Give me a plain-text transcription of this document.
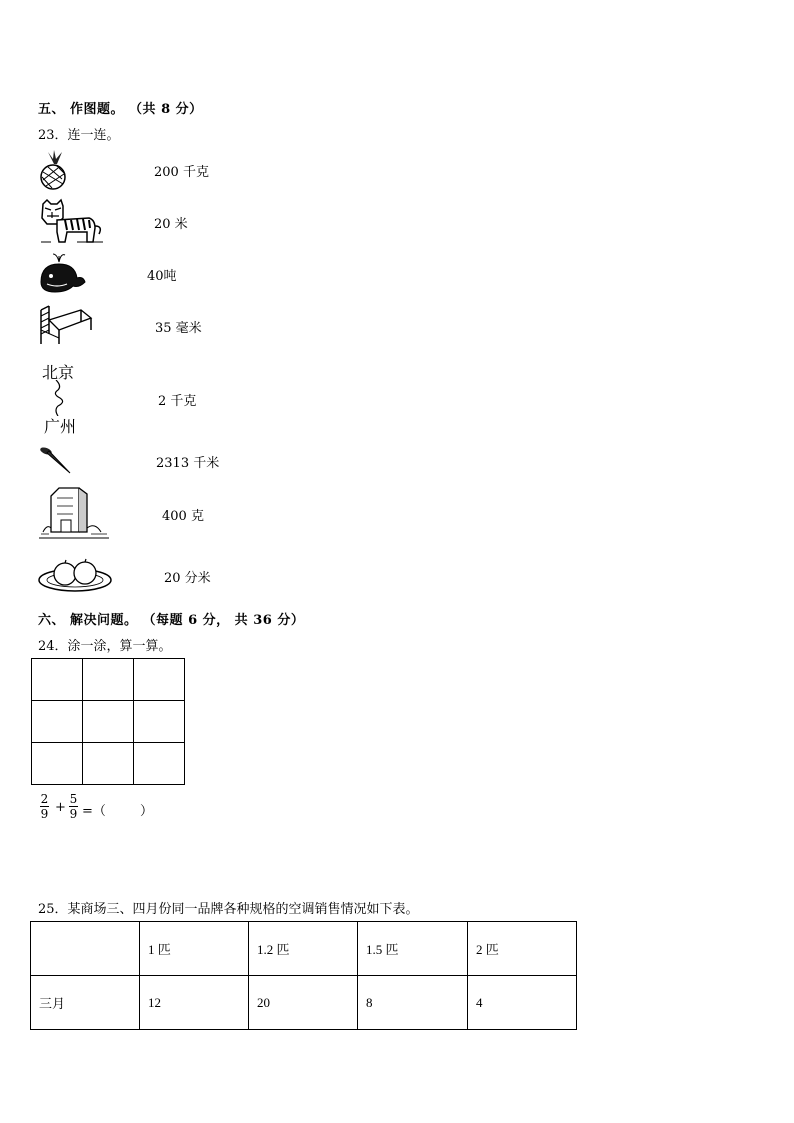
五、 作图题。 （共 8 分）
23．连一连。
200 千克
20 米
40吨
35 毫米
北京
广州
2 千克
2313 千米
400 克
20 分米
六、 解决问题。 （每题 6 分， 共 36 分）
24．涂一涂，算一算。

2
9 +
5
9 =（	）
25．某商场三、四月份同一品牌各种规格的空调销售情况如下表。
	1 匹	1.2 匹	1.5 匹	2 匹
三月	12	20	8	4
